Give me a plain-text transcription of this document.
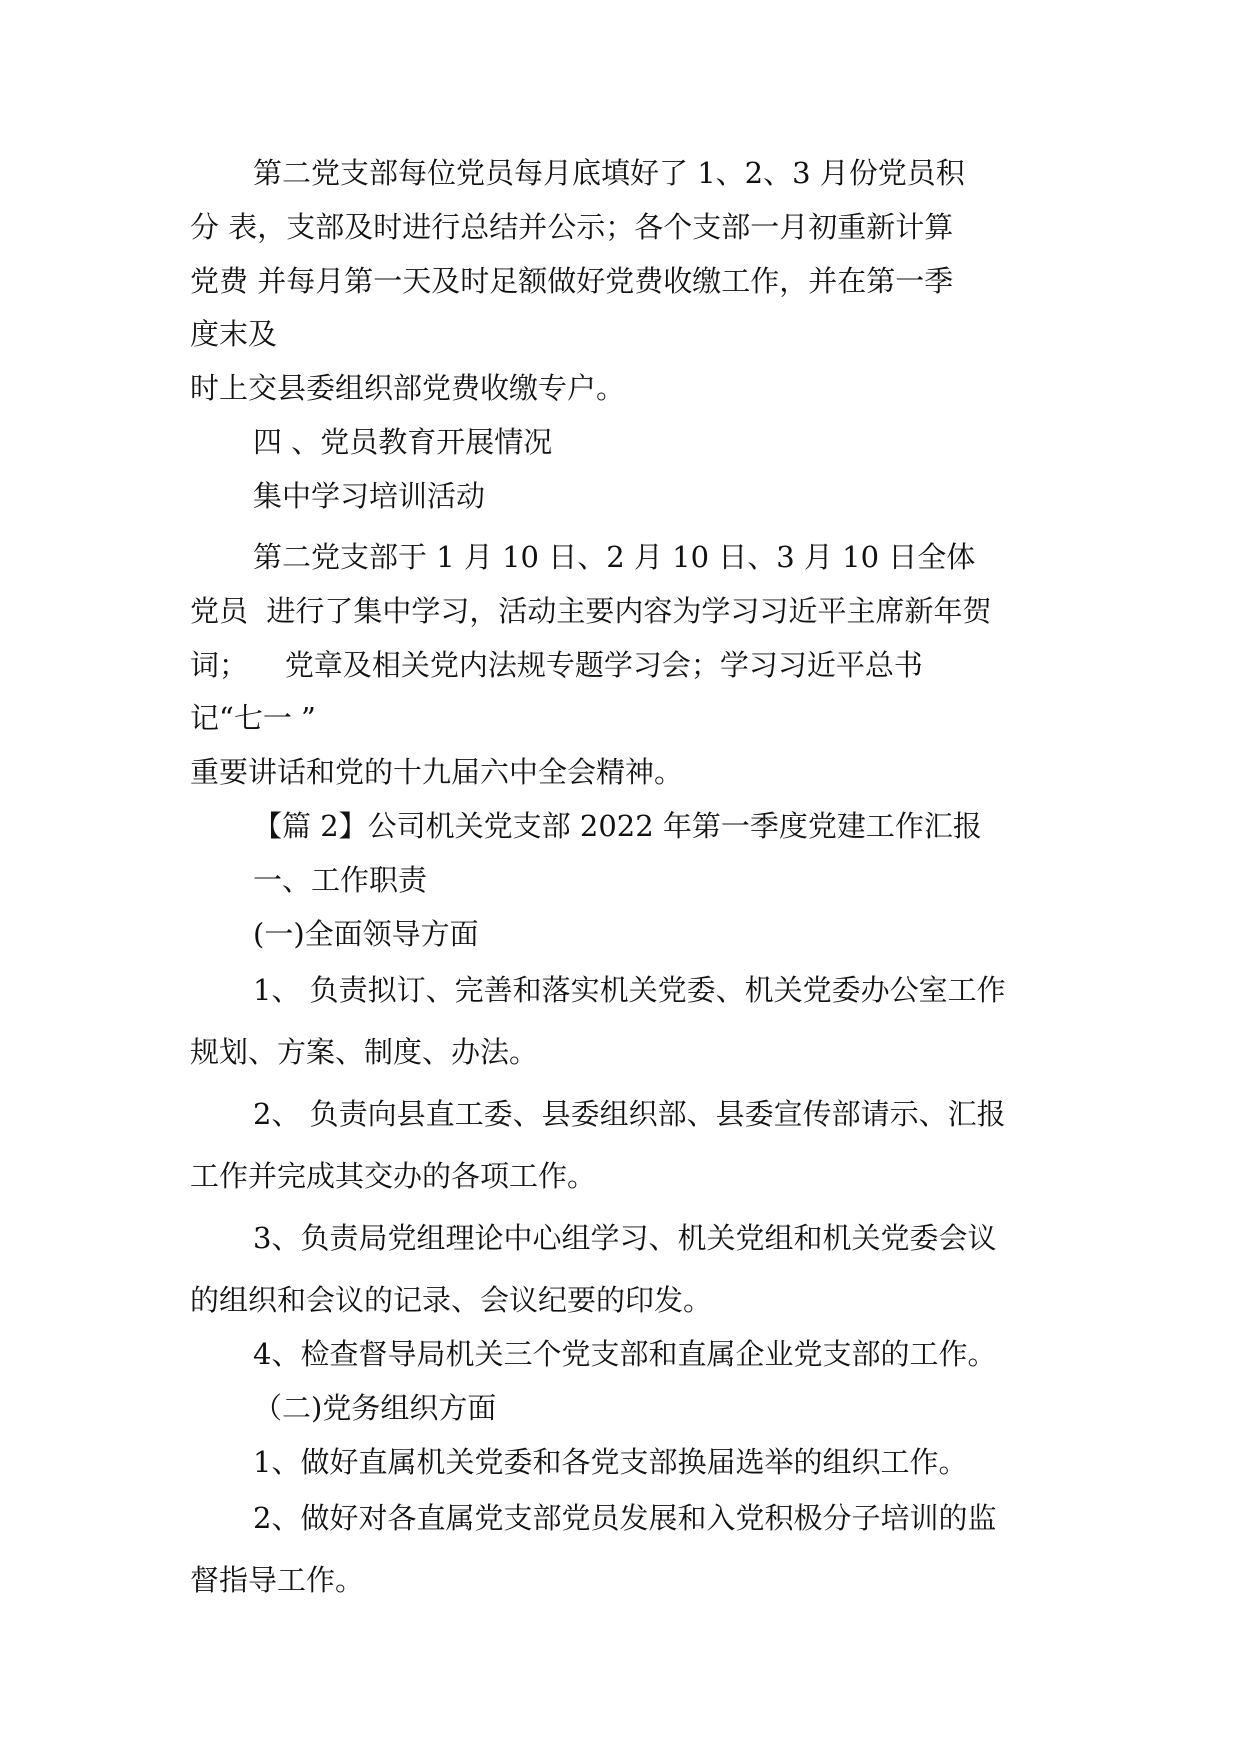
第二党支部每位党员每月底填好了 1、2、3 月份党员积

分 表，支部及时进行总结并公示；各个支部一月初重新计算

党费 并每月第一天及时足额做好党费收缴工作，并在第一季

度末及

时上交县委组织部党费收缴专户。

四 、党员教育开展情况

集中学习培训活动

第二党支部于 1 月 10 日、2 月 10 日、3 月 10 日全体

党员  进行了集中学习，活动主要内容为学习习近平主席新年贺

词；    党章及相关党内法规专题学习会；学习习近平总书

记“七一 ”

重要讲话和党的十九届六中全会精神。

【篇 2】公司机关党支部 2022 年第一季度党建工作汇报

一、工作职责

(一)全面领导方面

1、 负责拟订、完善和落实机关党委、机关党委办公室工作

规划、方案、制度、办法。

2、 负责向县直工委、县委组织部、县委宣传部请示、汇报

工作并完成其交办的各项工作。

3、负责局党组理论中心组学习、机关党组和机关党委会议

的组织和会议的记录、会议纪要的印发。

4、检查督导局机关三个党支部和直属企业党支部的工作。

（二)党务组织方面

1、做好直属机关党委和各党支部换届选举的组织工作。

2、做好对各直属党支部党员发展和入党积极分子培训的监

督指导工作。
